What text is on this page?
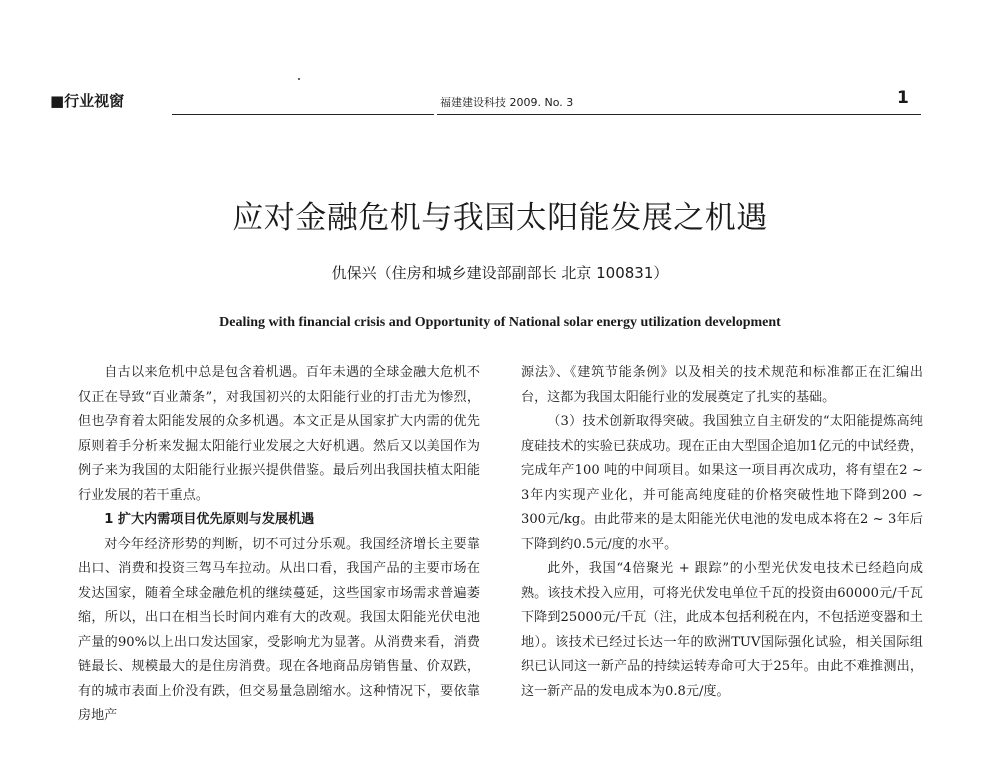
■行业视窗	福建建设科技 2009. No. 3	1
应对金融危机与我国太阳能发展之机遇
仇保兴（住房和城乡建设部副部长 北京 100831）
Dealing with financial crisis and Opportunity of National solar energy utilization development

自古以来危机中总是包含着机遇。百年未遇的全球金融大危机不仅正在导致“百业萧条”，对我国初兴的太阳能行业的打击尤为惨烈，但也孕育着太阳能发展的众多机遇。本文正是从国家扩大内需的优先原则着手分析来发掘太阳能行业发展之大好机遇。然后又以美国作为例子来为我国的太阳能行业振兴提供借鉴。最后列出我国扶植太阳能行业发展的若干重点。

1 扩大内需项目优先原则与发展机遇

对今年经济形势的判断，切不可过分乐观。我国经济增长主要靠出口、消费和投资三驾马车拉动。从出口看，我国产品的主要市场在发达国家，随着全球金融危机的继续蔓延，这些国家市场需求普遍萎缩，所以，出口在相当长时间内难有大的改观。我国太阳能光伏电池产量的90%以上出口发达国家，受影响尤为显著。从消费来看，消费链最长、规模最大的是住房消费。现在各地商品房销售量、价双跌，有的城市表面上价没有跌，但交易量急剧缩水。这种情况下，要依靠房地产

源法》、《建筑节能条例》以及相关的技术规范和标准都正在汇编出台，这都为我国太阳能行业的发展奠定了扎实的基础。

（3）技术创新取得突破。我国独立自主研发的“太阳能提炼高纯度硅技术的实验已获成功。现在正由大型国企追加1亿元的中试经费，完成年产100 吨的中间项目。如果这一项目再次成功，将有望在2 ~ 3年内实现产业化，并可能高纯度硅的价格突破性地下降到200 ~ 300元/kg。由此带来的是太阳能光伏电池的发电成本将在2 ~ 3年后下降到约0.5元/度的水平。

此外，我国“4倍聚光 + 跟踪”的小型光伏发电技术已经趋向成熟。该技术投入应用，可将光伏发电单位千瓦的投资由60000元/千瓦下降到25000元/千瓦（注，此成本包括利税在内，不包括逆变器和土地）。该技术已经过长达一年的欧洲TUV国际强化试验，相关国际组织已认同这一新产品的持续运转寿命可大于25年。由此不难推测出，这一新产品的发电成本为0.8元/度。
